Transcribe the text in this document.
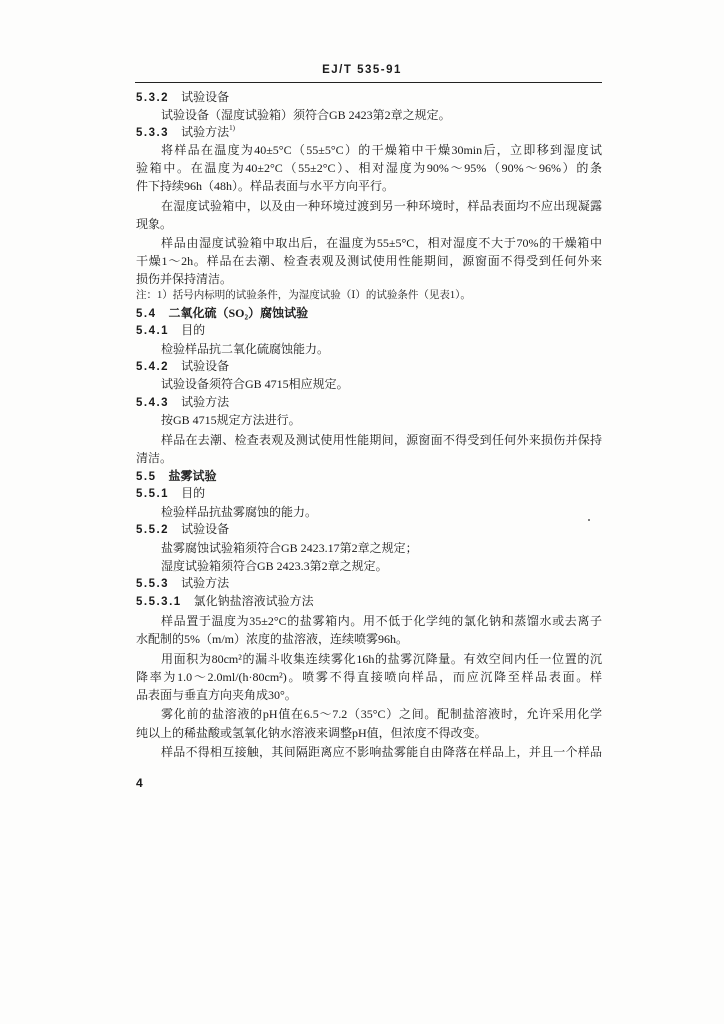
EJ/T 535-91
5.3.2 试验设备
试验设备（湿度试验箱）须符合GB 2423第2章之规定。
5.3.3 试验方法$^{1)}$
将样品在温度为40±5°C（55±5°C）的干燥箱中干燥30min后，立即移到湿度试
验箱中。在温度为40±2°C（55±2°C）、相对湿度为90%～95%（90%～96%）的条
件下持续96h（48h）。样品表面与水平方向平行。
在湿度试验箱中，以及由一种环境过渡到另一种环境时，样品表面均不应出现凝露
现象。
样品由湿度试验箱中取出后，在温度为55±5°C，相对湿度不大于70%的干燥箱中
干燥1～2h。样品在去潮、检查表观及测试使用性能期间，源窗面不得受到任何外来
损伤并保持清洁。
注：1）括号内标明的试验条件，为湿度试验（Ⅰ）的试验条件（见表1）。
5.4 二氧化硫（SO₂）腐蚀试验
5.4.1 目的
检验样品抗二氧化硫腐蚀能力。
5.4.2 试验设备
试验设备须符合GB 4715相应规定。
5.4.3 试验方法
按GB 4715规定方法进行。
样品在去潮、检查表观及测试使用性能期间，源窗面不得受到任何外来损伤并保持
清洁。
5.5 盐雾试验
5.5.1 目的
检验样品抗盐雾腐蚀的能力。
5.5.2 试验设备
盐雾腐蚀试验箱须符合GB 2423.17第2章之规定；
湿度试验箱须符合GB 2423.3第2章之规定。
5.5.3 试验方法
5.5.3.1 氯化钠盐溶液试验方法
样品置于温度为35±2°C的盐雾箱内。用不低于化学纯的氯化钠和蒸馏水或去离子
水配制的5%（m/m）浓度的盐溶液，连续喷雾96h。
用面积为80cm²的漏斗收集连续雾化16h的盐雾沉降量。有效空间内任一位置的沉
降率为1.0～2.0ml/(h·80cm²)。喷雾不得直接喷向样品，而应沉降至样品表面。样
品表面与垂直方向夹角成30°。
雾化前的盐溶液的pH值在6.5～7.2（35°C）之间。配制盐溶液时，允许采用化学
纯以上的稀盐酸或氢氧化钠水溶液来调整pH值，但浓度不得改变。
样品不得相互接触，其间隔距离应不影响盐雾能自由降落在样品上，并且一个样品
4
